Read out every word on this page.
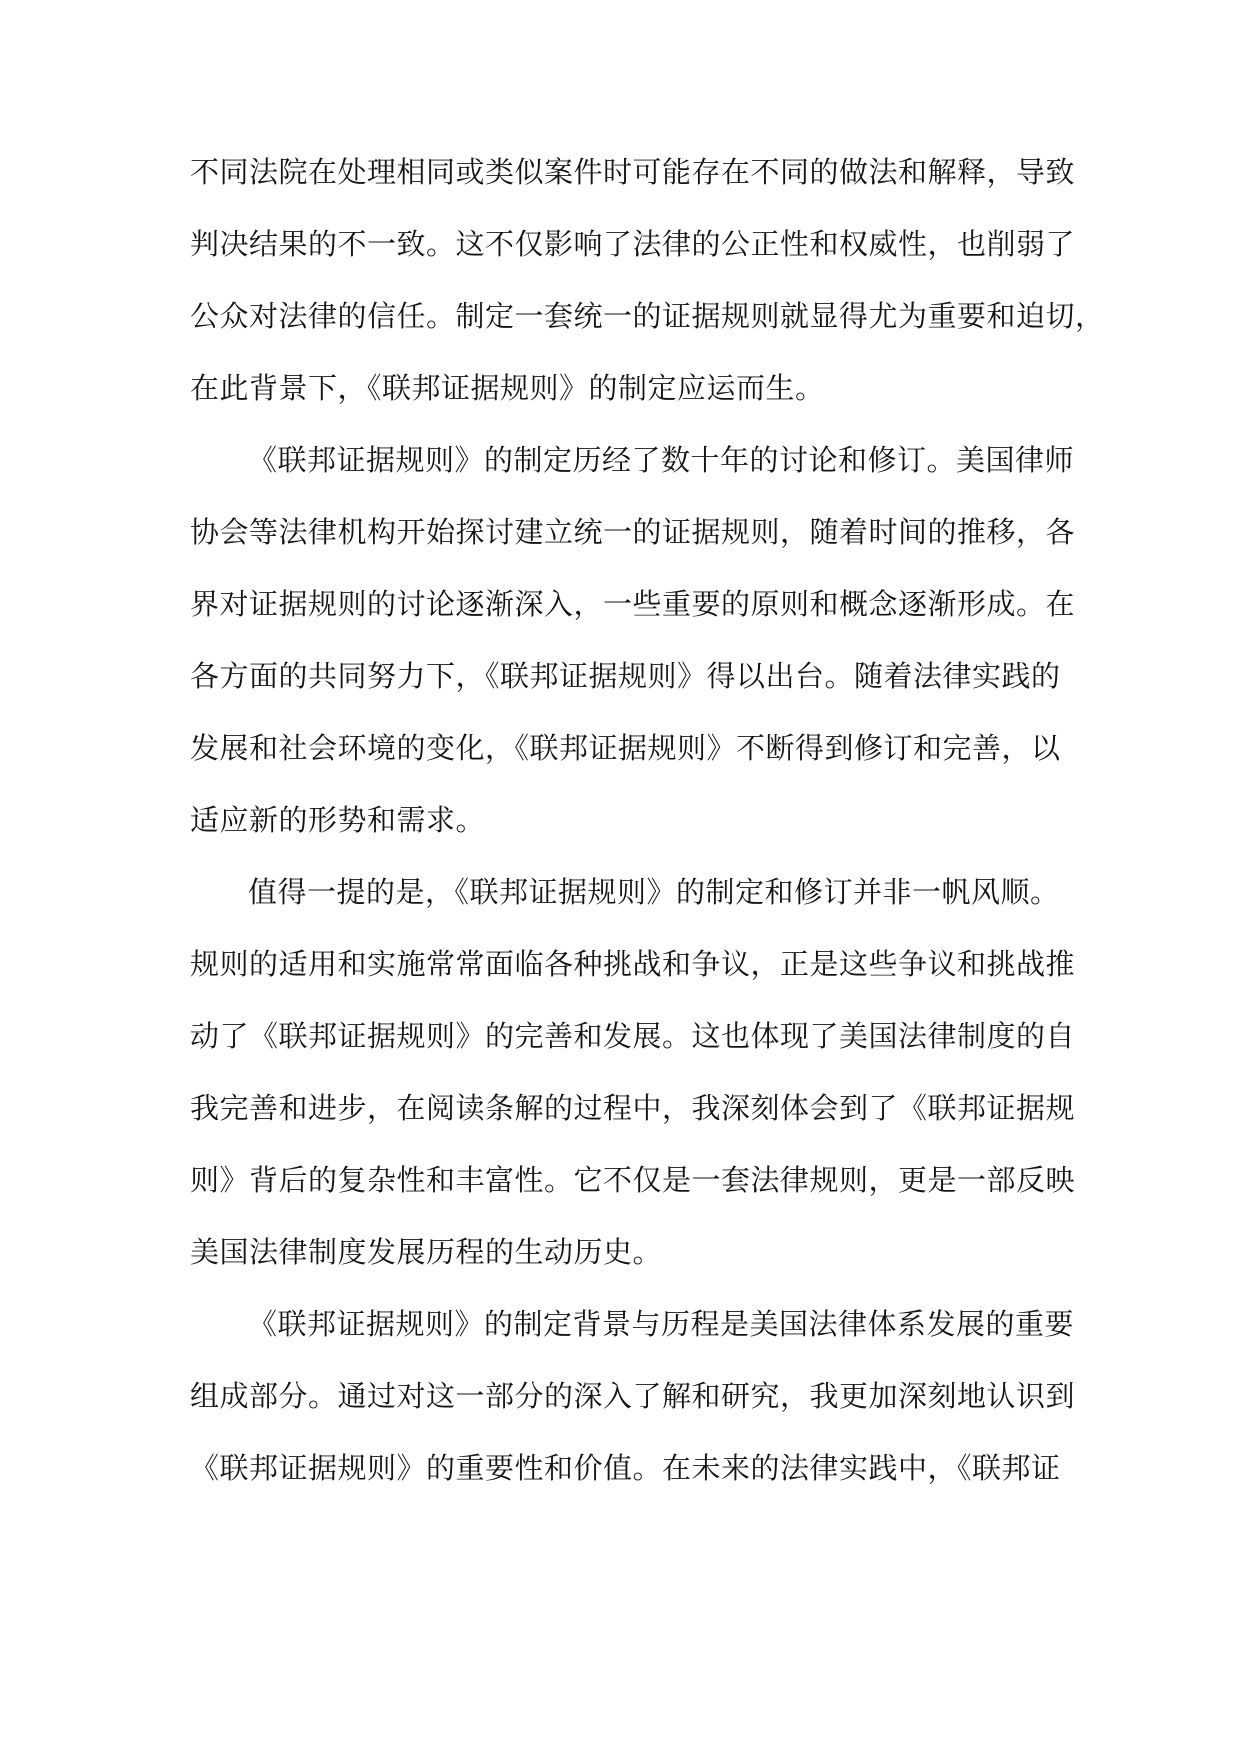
不同法院在处理相同或类似案件时可能存在不同的做法和解释，导致
判决结果的不一致。这不仅影响了法律的公正性和权威性，也削弱了
公众对法律的信任。制定一套统一的证据规则就显得尤为重要和迫切，
在此背景下，《联邦证据规则》的制定应运而生。
《联邦证据规则》的制定历经了数十年的讨论和修订。美国律师
协会等法律机构开始探讨建立统一的证据规则，随着时间的推移，各
界对证据规则的讨论逐渐深入，一些重要的原则和概念逐渐形成。在
各方面的共同努力下，《联邦证据规则》得以出台。随着法律实践的
发展和社会环境的变化，《联邦证据规则》不断得到修订和完善，以
适应新的形势和需求。
值得一提的是，《联邦证据规则》的制定和修订并非一帆风顺。
规则的适用和实施常常面临各种挑战和争议，正是这些争议和挑战推
动了《联邦证据规则》的完善和发展。这也体现了美国法律制度的自
我完善和进步，在阅读条解的过程中，我深刻体会到了《联邦证据规
则》背后的复杂性和丰富性。它不仅是一套法律规则，更是一部反映
美国法律制度发展历程的生动历史。
《联邦证据规则》的制定背景与历程是美国法律体系发展的重要
组成部分。通过对这一部分的深入了解和研究，我更加深刻地认识到
《联邦证据规则》的重要性和价值。在未来的法律实践中，《联邦证
